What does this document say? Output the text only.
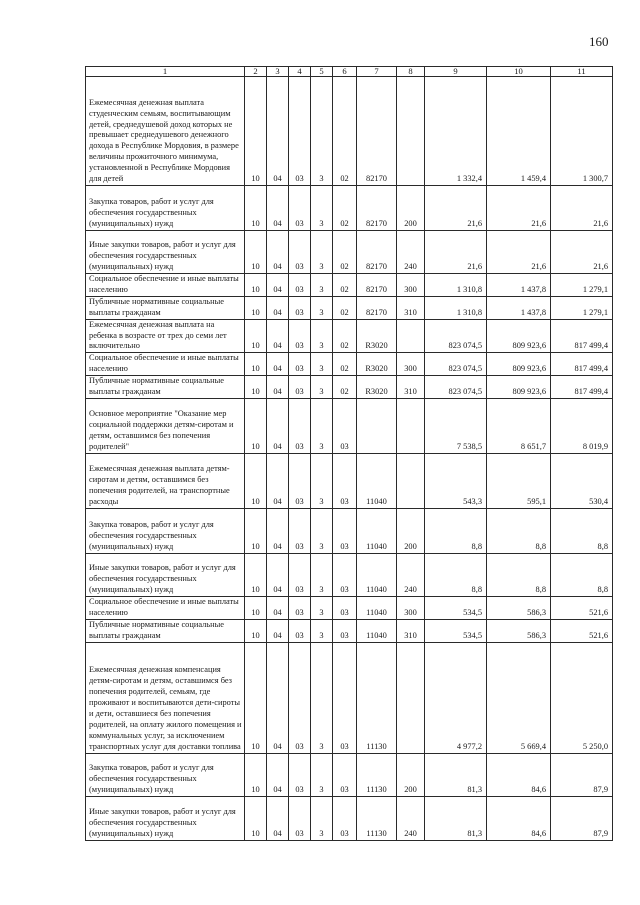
160
1	2	3	4	5	6	7	8	9	10	11
Ежемесячная денежная выплата студенческим семьям, воспитывающим детей, среднедушевой доход которых не превышает среднедушевого денежного дохода в Республике Мордовия, в размере величины прожиточного минимума, установленной в Республике Мордовия для детей	10	04	03	3	02	82170		1 332,4	1 459,4	1 300,7
Закупка товаров, работ и услуг для обеспечения государственных (муниципальных) нужд	10	04	03	3	02	82170	200	21,6	21,6	21,6
Иные закупки товаров, работ и услуг для обеспечения государственных (муниципальных) нужд	10	04	03	3	02	82170	240	21,6	21,6	21,6
Социальное обеспечение и иные выплаты населению	10	04	03	3	02	82170	300	1 310,8	1 437,8	1 279,1
Публичные нормативные социальные выплаты гражданам	10	04	03	3	02	82170	310	1 310,8	1 437,8	1 279,1
Ежемесячная денежная выплата на ребенка в возрасте от трех до семи лет включительно	10	04	03	3	02	R3020		823 074,5	809 923,6	817 499,4
Социальное обеспечение и иные выплаты населению	10	04	03	3	02	R3020	300	823 074,5	809 923,6	817 499,4
Публичные нормативные социальные выплаты гражданам	10	04	03	3	02	R3020	310	823 074,5	809 923,6	817 499,4
Основное мероприятие "Оказание мер социальной поддержки детям-сиротам и детям, оставшимся без попечения родителей"	10	04	03	3	03			7 538,5	8 651,7	8 019,9
Ежемесячная денежная выплата детям-сиротам и детям, оставшимся без попечения родителей, на транспортные расходы	10	04	03	3	03	11040		543,3	595,1	530,4
Закупка товаров, работ и услуг для обеспечения государственных (муниципальных) нужд	10	04	03	3	03	11040	200	8,8	8,8	8,8
Иные закупки товаров, работ и услуг для обеспечения государственных (муниципальных) нужд	10	04	03	3	03	11040	240	8,8	8,8	8,8
Социальное обеспечение и иные выплаты населению	10	04	03	3	03	11040	300	534,5	586,3	521,6
Публичные нормативные социальные выплаты гражданам	10	04	03	3	03	11040	310	534,5	586,3	521,6
Ежемесячная денежная компенсация детям-сиротам и детям, оставшимся без попечения родителей, семьям, где проживают и воспитываются дети-сироты и дети, оставшиеся без попечения родителей, на оплату жилого помещения и коммунальных услуг, за исключением транспортных услуг для доставки топлива	10	04	03	3	03	11130		4 977,2	5 669,4	5 250,0
Закупка товаров, работ и услуг для обеспечения государственных (муниципальных) нужд	10	04	03	3	03	11130	200	81,3	84,6	87,9
Иные закупки товаров, работ и услуг для обеспечения государственных (муниципальных) нужд	10	04	03	3	03	11130	240	81,3	84,6	87,9
